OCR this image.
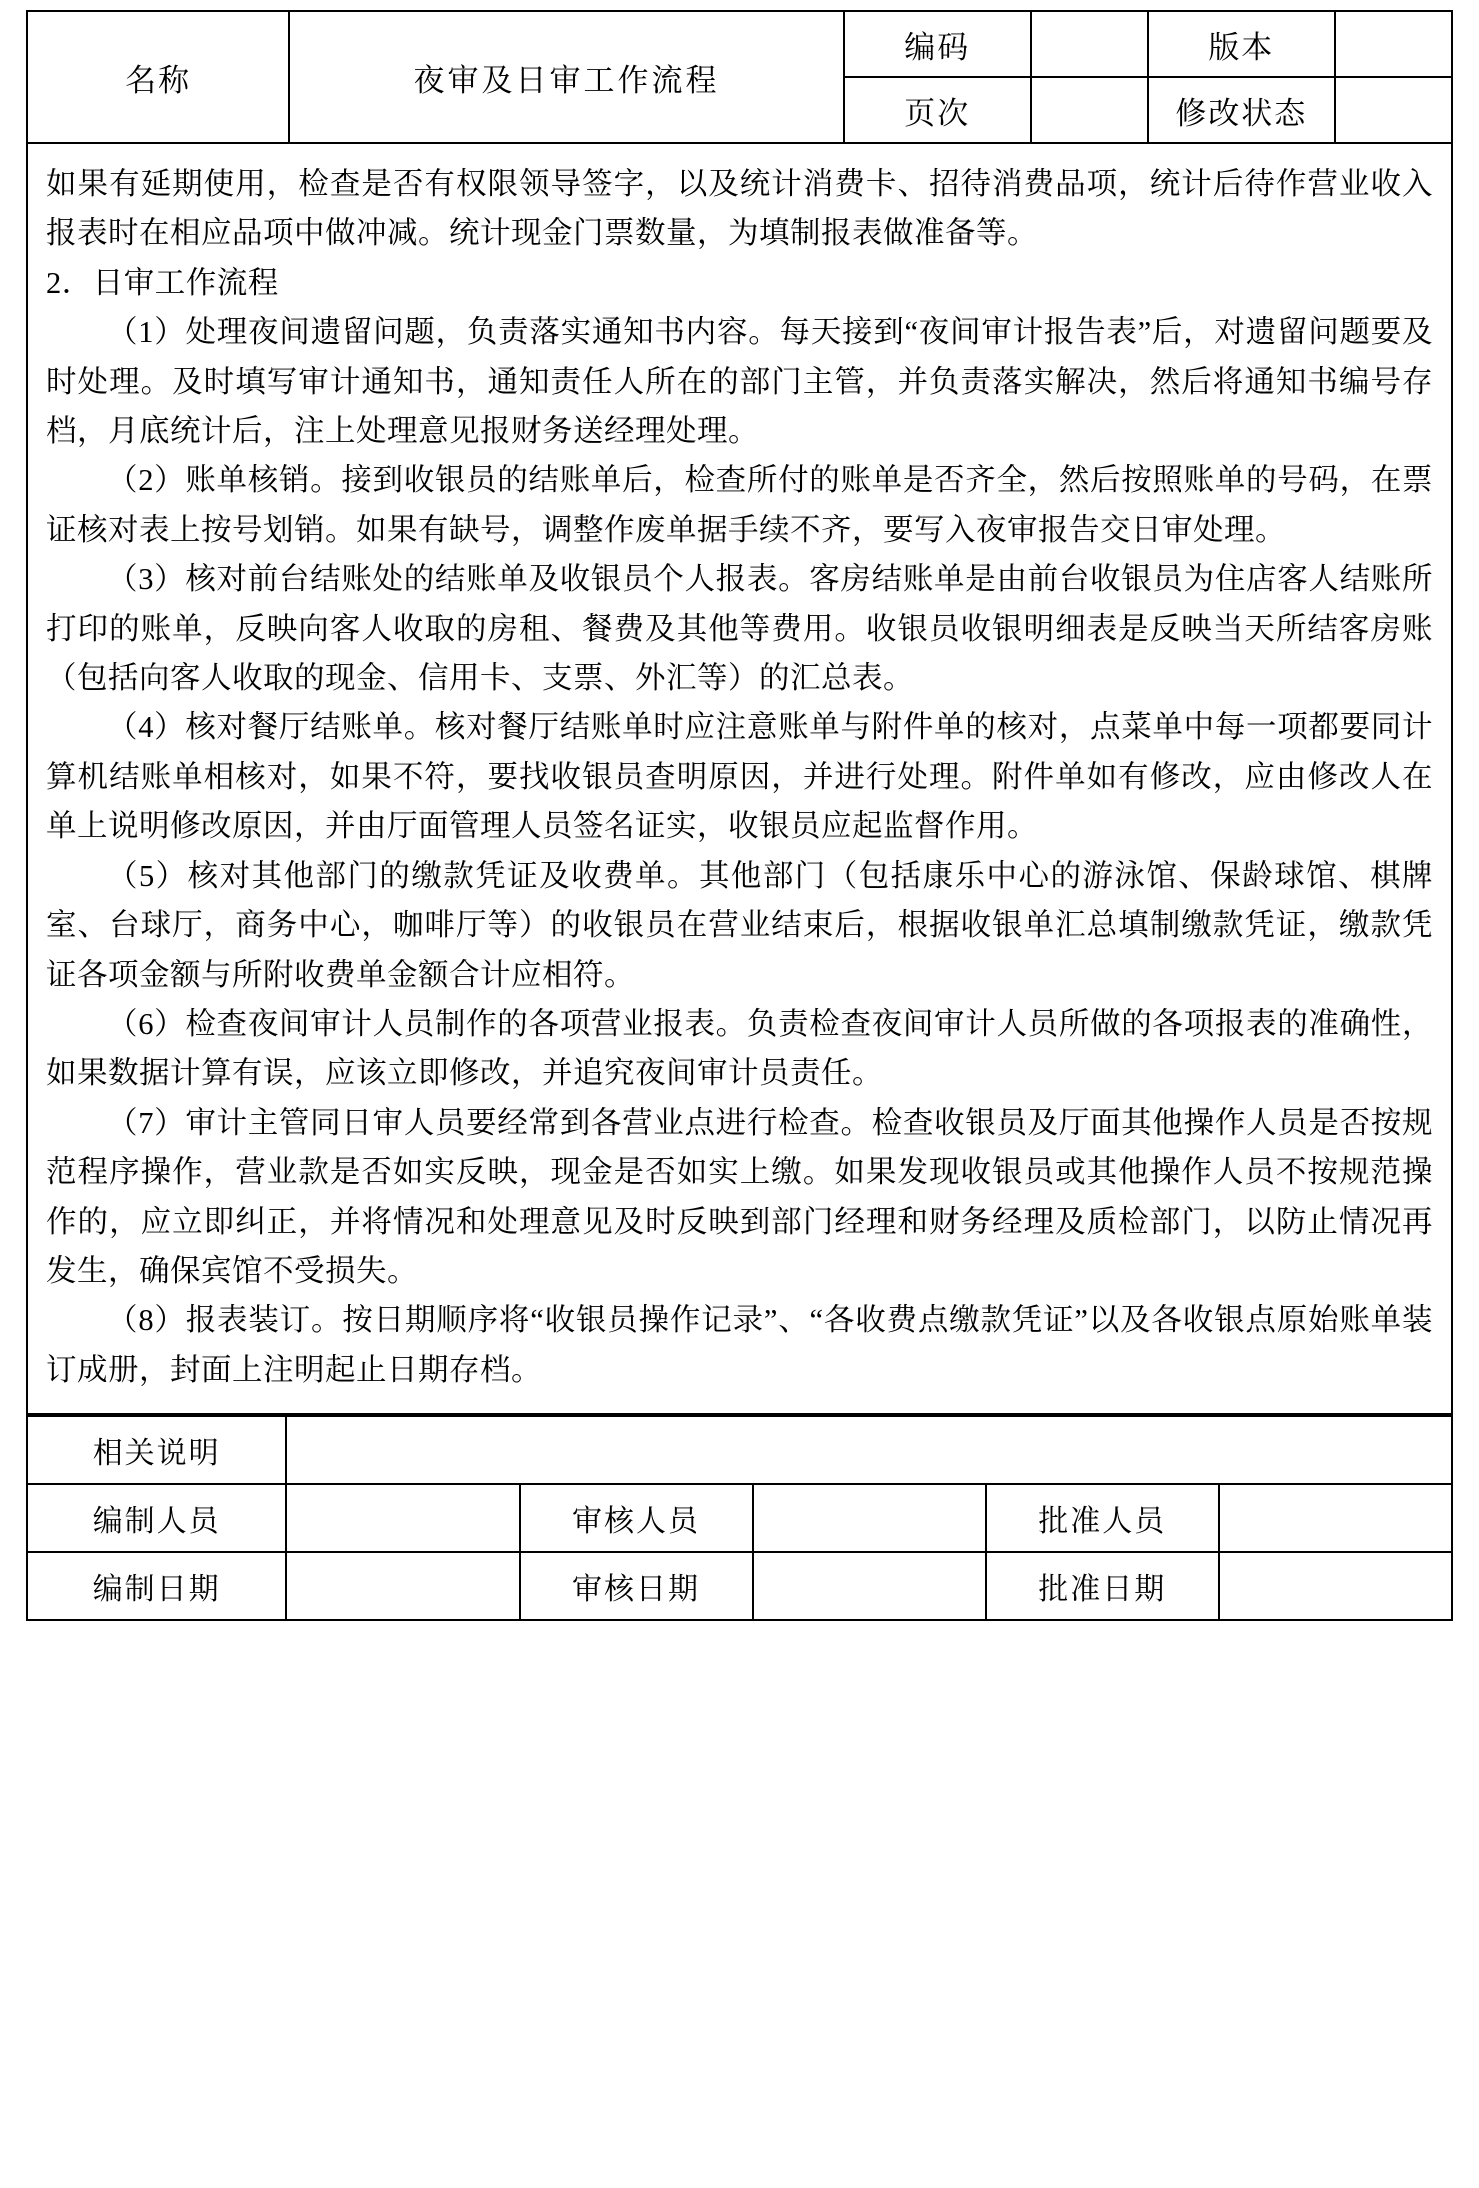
名称	夜审及日审工作流程	编码		版本	
		页次		修改状态	

如果有延期使用，检查是否有权限领导签字，以及统计消费卡、招待消费品项，统计后待作营业收入报表时在相应品项中做冲减。统计现金门票数量，为填制报表做准备等。

2．日审工作流程

（1）处理夜间遗留问题，负责落实通知书内容。每天接到“夜间审计报告表”后，对遗留问题要及时处理。及时填写审计通知书，通知责任人所在的部门主管，并负责落实解决，然后将通知书编号存档，月底统计后，注上处理意见报财务送经理处理。

（2）账单核销。接到收银员的结账单后，检查所付的账单是否齐全，然后按照账单的号码，在票证核对表上按号划销。如果有缺号，调整作废单据手续不齐，要写入夜审报告交日审处理。

（3）核对前台结账处的结账单及收银员个人报表。客房结账单是由前台收银员为住店客人结账所打印的账单，反映向客人收取的房租、餐费及其他等费用。收银员收银明细表是反映当天所结客房账（包括向客人收取的现金、信用卡、支票、外汇等）的汇总表。

（4）核对餐厅结账单。核对餐厅结账单时应注意账单与附件单的核对，点菜单中每一项都要同计算机结账单相核对，如果不符，要找收银员查明原因，并进行处理。附件单如有修改，应由修改人在单上说明修改原因，并由厅面管理人员签名证实，收银员应起监督作用。

（5）核对其他部门的缴款凭证及收费单。其他部门（包括康乐中心的游泳馆、保龄球馆、棋牌室、台球厅，商务中心，咖啡厅等）的收银员在营业结束后，根据收银单汇总填制缴款凭证，缴款凭证各项金额与所附收费单金额合计应相符。

（6）检查夜间审计人员制作的各项营业报表。负责检查夜间审计人员所做的各项报表的准确性，如果数据计算有误，应该立即修改，并追究夜间审计员责任。

（7）审计主管同日审人员要经常到各营业点进行检查。检查收银员及厅面其他操作人员是否按规范程序操作，营业款是否如实反映，现金是否如实上缴。如果发现收银员或其他操作人员不按规范操作的，应立即纠正，并将情况和处理意见及时反映到部门经理和财务经理及质检部门，以防止情况再发生，确保宾馆不受损失。

（8）报表装订。按日期顺序将“收银员操作记录”、“各收费点缴款凭证”以及各收银点原始账单装订成册，封面上注明起止日期存档。

相关说明					
编制人员		审核人员		批准人员	
编制日期		审核日期		批准日期	
